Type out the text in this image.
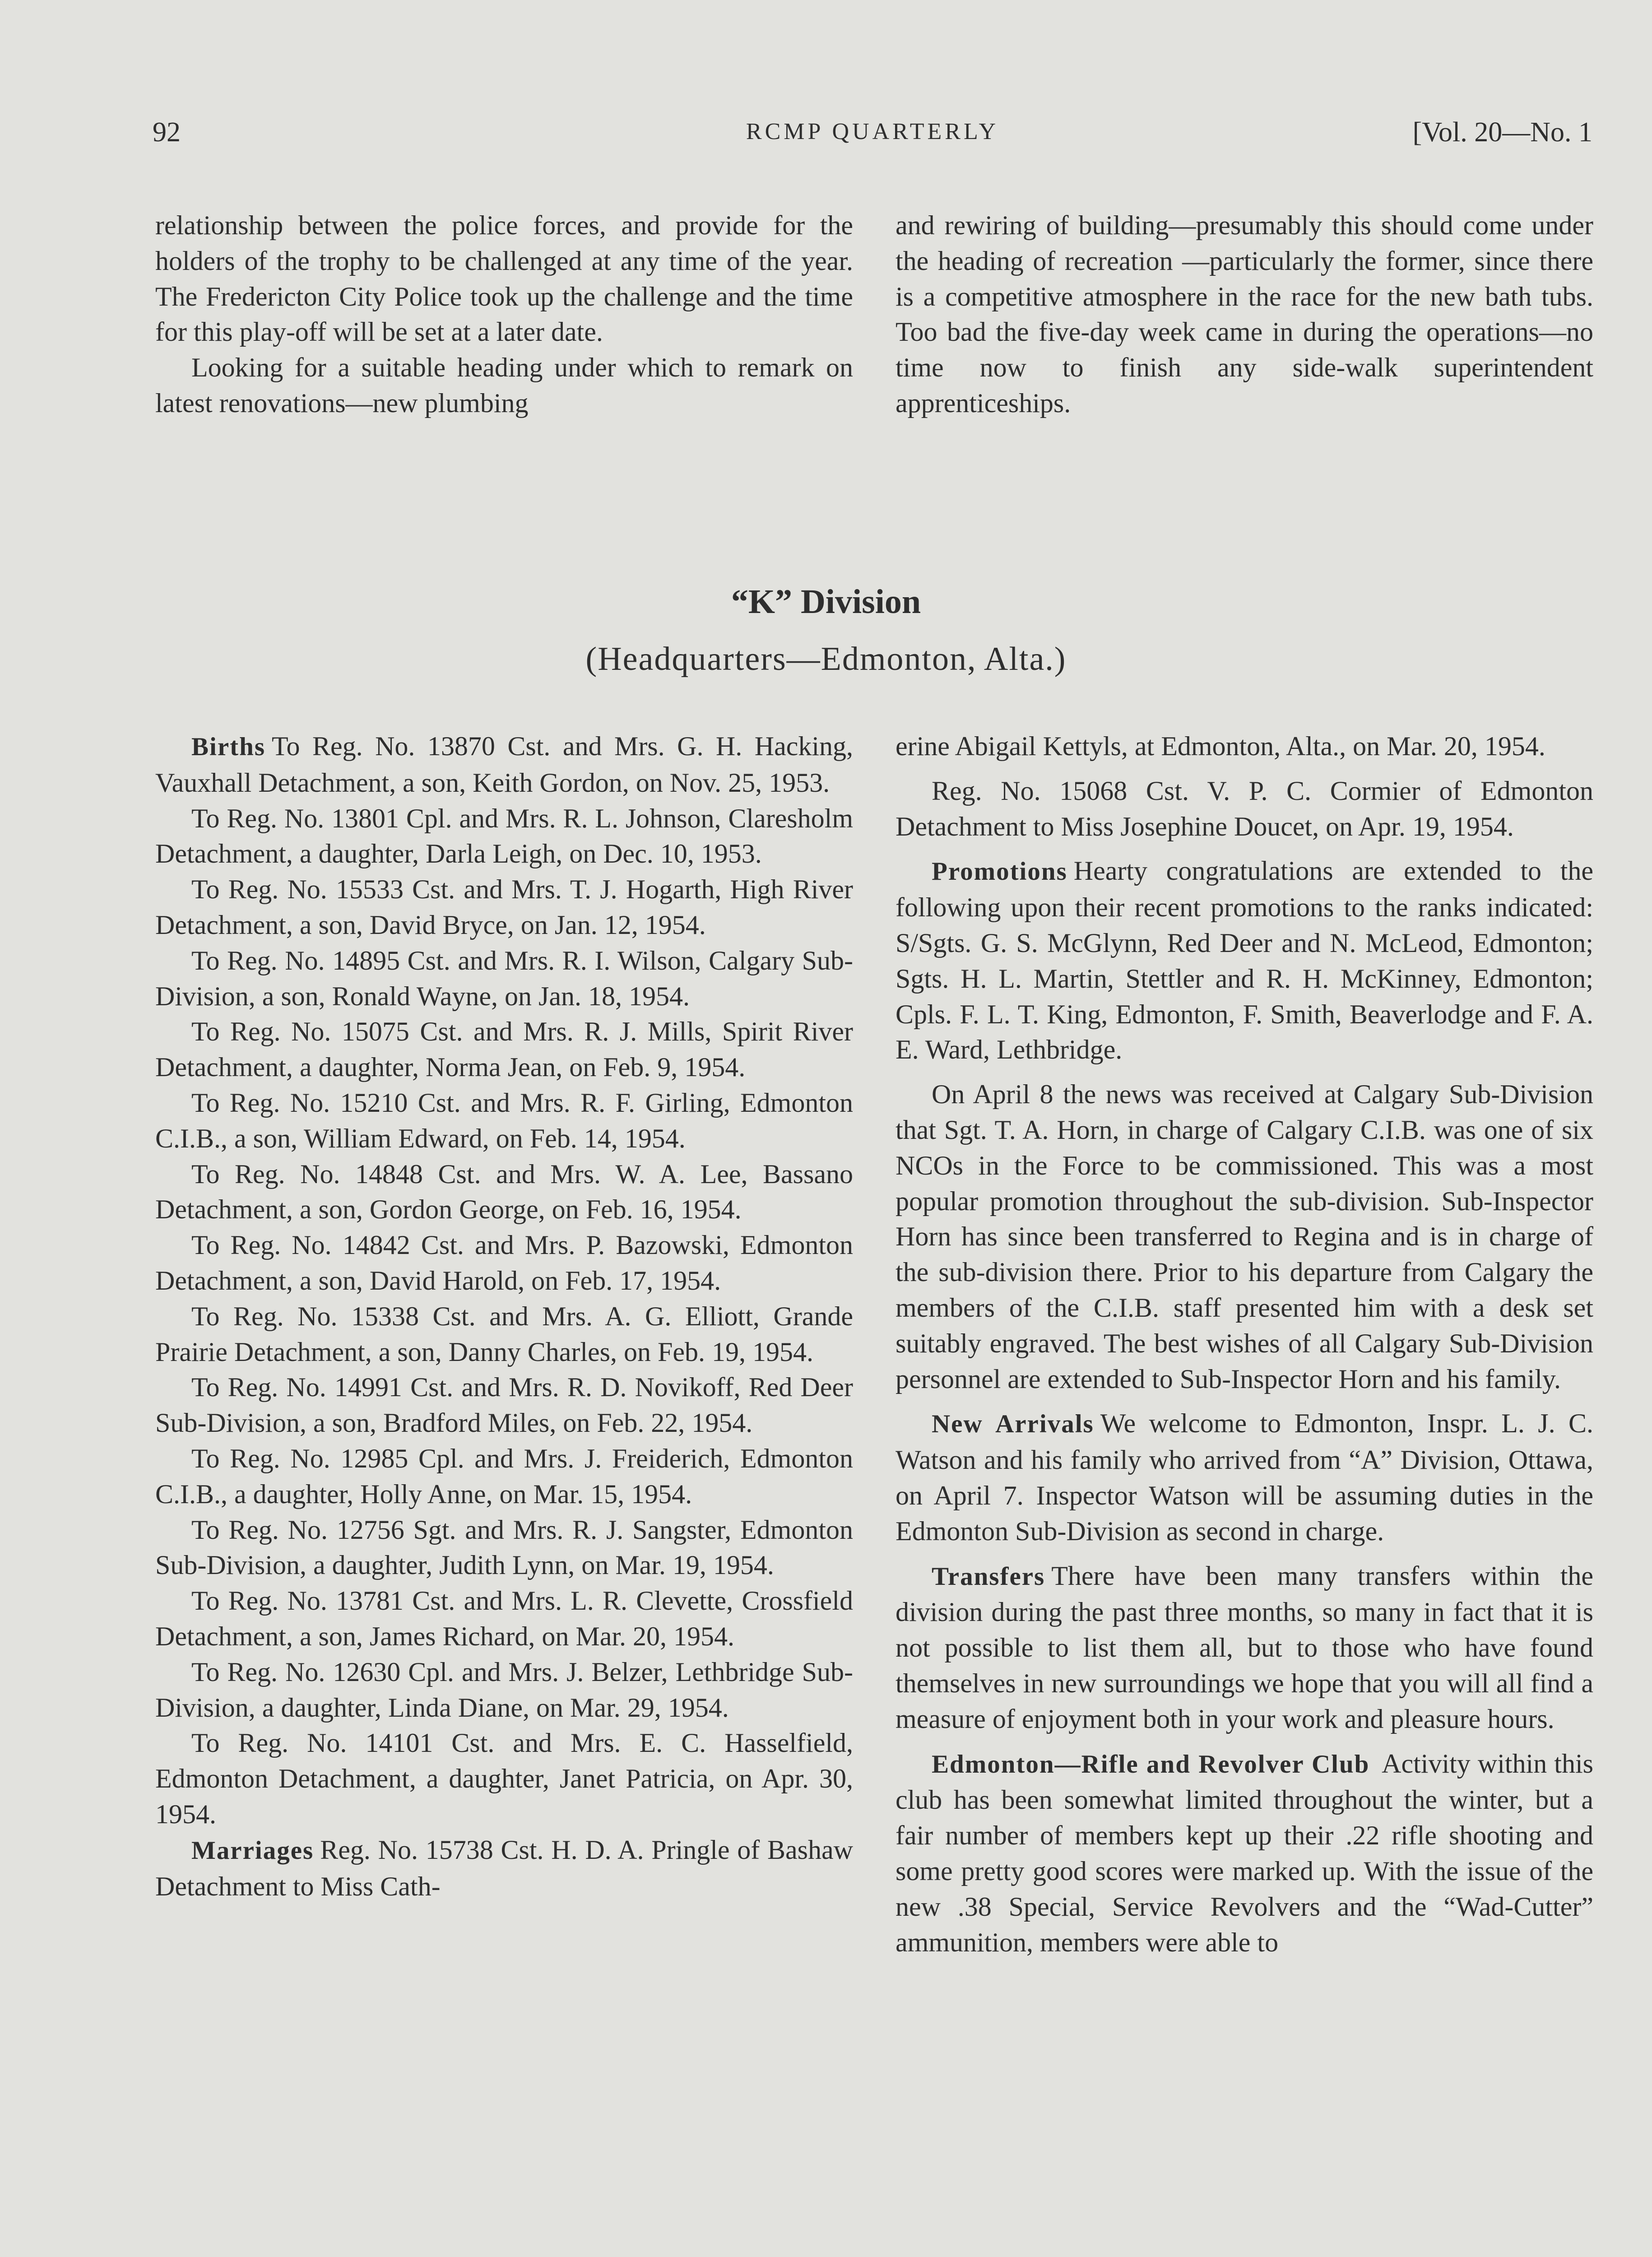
92	RCMP QUARTERLY	[Vol. 20—No. 1

relationship between the police forces, and provide for the holders of the trophy to be challenged at any time of the year. The Fredericton City Police took up the challenge and the time for this play-off will be set at a later date.

Looking for a suitable heading under which to remark on latest renovations—new plumbing

and rewiring of building—presumably this should come under the heading of recreation —particularly the former, since there is a competitive atmosphere in the race for the new bath tubs. Too bad the five-day week came in during the operations—no time now to finish any side-walk superintendent apprenticeships.

“K” Division
(Headquarters—Edmonton, Alta.)

Births To Reg. No. 13870 Cst. and Mrs. G. H. Hacking, Vauxhall Detachment, a son, Keith Gordon, on Nov. 25, 1953.

To Reg. No. 13801 Cpl. and Mrs. R. L. Johnson, Claresholm Detachment, a daughter, Darla Leigh, on Dec. 10, 1953.

To Reg. No. 15533 Cst. and Mrs. T. J. Hogarth, High River Detachment, a son, David Bryce, on Jan. 12, 1954.

To Reg. No. 14895 Cst. and Mrs. R. I. Wilson, Calgary Sub-Division, a son, Ronald Wayne, on Jan. 18, 1954.

To Reg. No. 15075 Cst. and Mrs. R. J. Mills, Spirit River Detachment, a daughter, Norma Jean, on Feb. 9, 1954.

To Reg. No. 15210 Cst. and Mrs. R. F. Girling, Edmonton C.I.B., a son, William Edward, on Feb. 14, 1954.

To Reg. No. 14848 Cst. and Mrs. W. A. Lee, Bassano Detachment, a son, Gordon George, on Feb. 16, 1954.

To Reg. No. 14842 Cst. and Mrs. P. Bazowski, Edmonton Detachment, a son, David Harold, on Feb. 17, 1954.

To Reg. No. 15338 Cst. and Mrs. A. G. Elliott, Grande Prairie Detachment, a son, Danny Charles, on Feb. 19, 1954.

To Reg. No. 14991 Cst. and Mrs. R. D. Novikoff, Red Deer Sub-Division, a son, Bradford Miles, on Feb. 22, 1954.

To Reg. No. 12985 Cpl. and Mrs. J. Freiderich, Edmonton C.I.B., a daughter, Holly Anne, on Mar. 15, 1954.

To Reg. No. 12756 Sgt. and Mrs. R. J. Sangster, Edmonton Sub-Division, a daughter, Judith Lynn, on Mar. 19, 1954.

To Reg. No. 13781 Cst. and Mrs. L. R. Clevette, Crossfield Detachment, a son, James Richard, on Mar. 20, 1954.

To Reg. No. 12630 Cpl. and Mrs. J. Belzer, Lethbridge Sub-Division, a daughter, Linda Diane, on Mar. 29, 1954.

To Reg. No. 14101 Cst. and Mrs. E. C. Hasselfield, Edmonton Detachment, a daughter, Janet Patricia, on Apr. 30, 1954.

Marriages Reg. No. 15738 Cst. H. D. A. Pringle of Bashaw Detachment to Miss Cath-

erine Abigail Kettyls, at Edmonton, Alta., on Mar. 20, 1954.

Reg. No. 15068 Cst. V. P. C. Cormier of Edmonton Detachment to Miss Josephine Doucet, on Apr. 19, 1954.

Promotions Hearty congratulations are extended to the following upon their recent promotions to the ranks indicated: S/Sgts. G. S. McGlynn, Red Deer and N. McLeod, Edmonton; Sgts. H. L. Martin, Stettler and R. H. McKinney, Edmonton; Cpls. F. L. T. King, Edmonton, F. Smith, Beaverlodge and F. A. E. Ward, Lethbridge.

On April 8 the news was received at Calgary Sub-Division that Sgt. T. A. Horn, in charge of Calgary C.I.B. was one of six NCOs in the Force to be commissioned. This was a most popular promotion throughout the sub-division. Sub-Inspector Horn has since been transferred to Regina and is in charge of the sub-division there. Prior to his departure from Calgary the members of the C.I.B. staff presented him with a desk set suitably engraved. The best wishes of all Calgary Sub-Division personnel are extended to Sub-Inspector Horn and his family.

New Arrivals We welcome to Edmonton, Inspr. L. J. C. Watson and his family who arrived from “A” Division, Ottawa, on April 7. Inspector Watson will be assuming duties in the Edmonton Sub-Division as second in charge.

Transfers There have been many transfers within the division during the past three months, so many in fact that it is not possible to list them all, but to those who have found themselves in new surroundings we hope that you will all find a measure of enjoyment both in your work and pleasure hours.

Edmonton—Rifle and Revolver Club Activity within this club has been somewhat limited throughout the winter, but a fair number of members kept up their .22 rifle shooting and some pretty good scores were marked up. With the issue of the new .38 Special, Service Revolvers and the “Wad-Cutter” ammunition, members were able to
